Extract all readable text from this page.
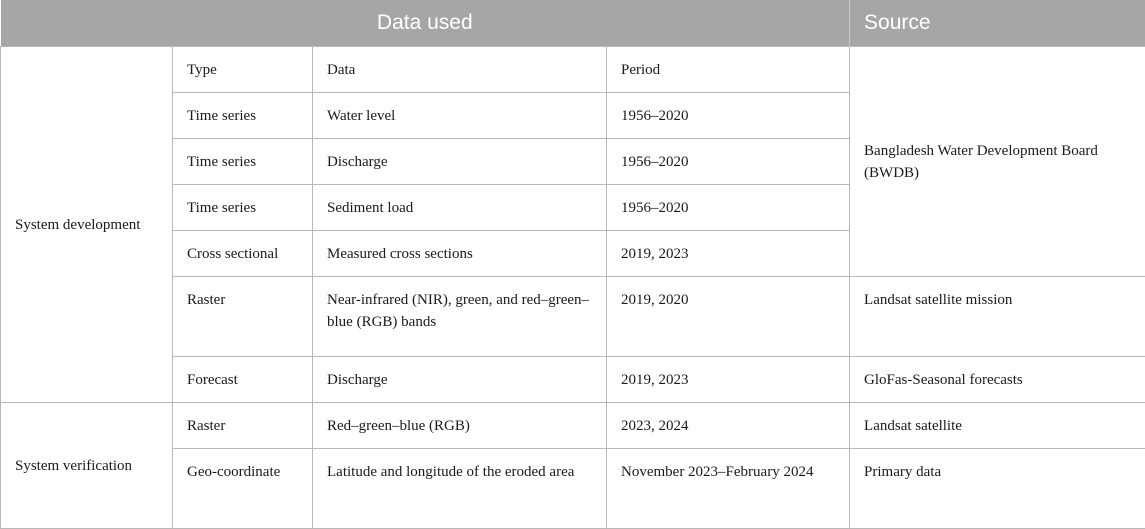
Data used				Source
System development	Type	Data	Period	Bangladesh Water Development Board (BWDB)
	Time series	Water level	1956–2020	
	Time series	Discharge	1956–2020	
	Time series	Sediment load	1956–2020	
	Cross sectional	Measured cross sections	2019, 2023	
	Raster	Near-infrared (NIR), green, and red–green–blue (RGB) bands	2019, 2020	Landsat satellite mission
	Forecast	Discharge	2019, 2023	GloFas-Seasonal forecasts
System verification	Raster	Red–green–blue (RGB)	2023, 2024	Landsat satellite
	Geo-coordinate	Latitude and longitude of the eroded area	November 2023–February 2024	Primary data
